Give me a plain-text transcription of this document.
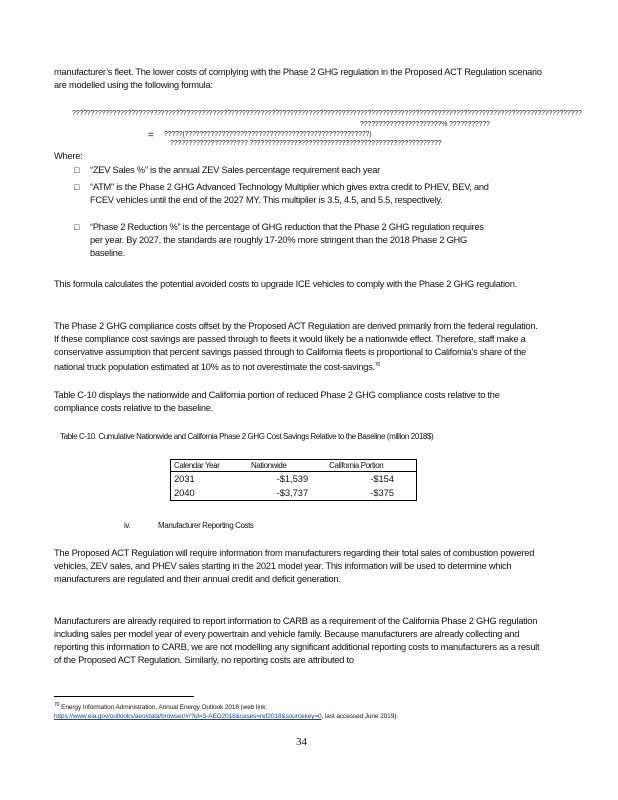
manufacturer’s fleet. The lower costs of complying with the Phase 2 GHG regulation in the Proposed ACT Regulation scenario are modelled using the following formula:
??????????????????????????????????????????????????????????????????????????????????????????????????????????????????????????????????????????
??????????????????????% ???????????
= ?????(??????????????????????????????????????????????????)
????????????????????? ????????????????????????????????????????????????????
Where:
□ “ZEV Sales %” is the annual ZEV Sales percentage requirement each year
□ “ATM” is the Phase 2 GHG Advanced Technology Multiplier which gives extra credit to PHEV, BEV, and FCEV vehicles until the end of the 2027 MY. This multiplier is 3.5, 4.5, and 5.5, respectively.
□ “Phase 2 Reduction %” is the percentage of GHG reduction that the Phase 2 GHG regulation requires per year. By 2027, the standards are roughly 17-20% more stringent than the 2018 Phase 2 GHG baseline.
This formula calculates the potential avoided costs to upgrade ICE vehicles to comply with the Phase 2 GHG regulation.
The Phase 2 GHG compliance costs offset by the Proposed ACT Regulation are derived primarily from the federal regulation. If these compliance cost savings are passed through to fleets it would likely be a nationwide effect. Therefore, staff make a conservative assumption that percent savings passed through to California fleets is proportional to California’s share of the national truck population estimated at 10% as to not overestimate the cost-savings.$^{70}$
Table C-10 displays the nationwide and California portion of reduced Phase 2 GHG compliance costs relative to the compliance costs relative to the baseline.
Table C-10. Cumulative Nationwide and California Phase 2 GHG Cost Savings Relative to the Baseline (million 2018$)
Calendar Year	Nationwide	California Portion
2031	-$1,539	-$154
2040	-$3,737	-$375
iv.	Manufacturer Reporting Costs
The Proposed ACT Regulation will require information from manufacturers regarding their total sales of combustion powered vehicles, ZEV sales, and PHEV sales starting in the 2021 model year. This information will be used to determine which manufacturers are regulated and their annual credit and deficit generation.
Manufacturers are already required to report information to CARB as a requirement of the California Phase 2 GHG regulation including sales per model year of every powertrain and vehicle family. Because manufacturers are already collecting and reporting this information to CARB, we are not modelling any significant additional reporting costs to manufacturers as a result of the Proposed ACT Regulation. Similarly, no reporting costs are attributed to
$^{70}$ Energy Information Administration, Annual Energy Outlook 2018 (web link:
https://www.eia.gov/outlooks/aeo/data/browser/#/?id=3-AEO2018&cases=ref2018&sourcekey=0, last accessed June 2019).
34
